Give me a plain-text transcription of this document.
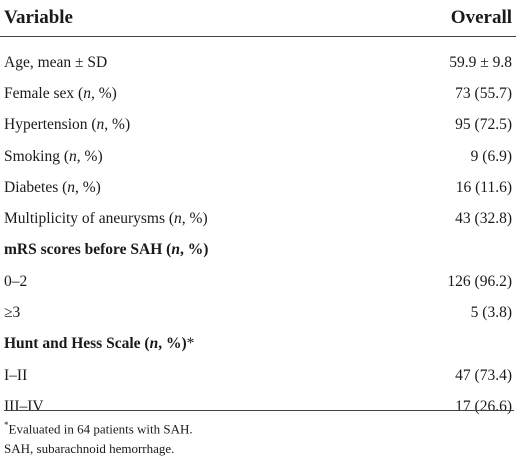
Variable	Overall
Age, mean ± SD	59.9 ± 9.8
Female sex (n, %)	73 (55.7)
Hypertension (n, %)	95 (72.5)
Smoking (n, %)	9 (6.9)
Diabetes (n, %)	16 (11.6)
Multiplicity of aneurysms (n, %)	43 (32.8)
mRS scores before SAH (n, %)	
0–2	126 (96.2)
≥3	5 (3.8)
Hunt and Hess Scale (n, %)*	
I–II	47 (73.4)
III–IV	17 (26.6)
*Evaluated in 64 patients with SAH.
SAH, subarachnoid hemorrhage.
